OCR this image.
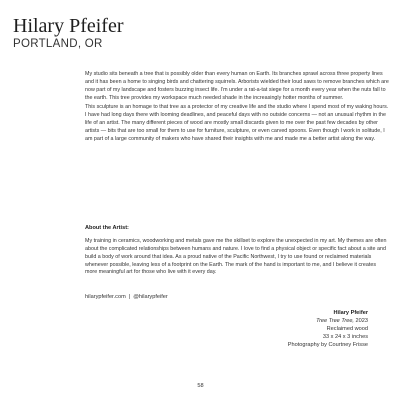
Hilary Pfeifer
PORTLAND, OR

My studio sits beneath a tree that is possibly older than every human on Earth. Its branches sprawl across three property lines and it has been a home to singing birds and chattering squirrels. Arborists wielded their loud saws to remove branches which are now part of my landscape and fosters buzzing insect life. I’m under a rat-a-tat siege for a month every year when the nuts fall to the earth. This tree provides my workspace much needed shade in the increasingly hotter months of summer.

This sculpture is an homage to that tree as a protector of my creative life and the studio where I spend most of my waking hours. I have had long days there with looming deadlines, and peaceful days with no outside concerns — not an unusual rhythm in the life of an artist. The many different pieces of wood are mostly small discards given to me over the past few decades by other artists — bits that are too small for them to use for furniture, sculpture, or even carved spoons. Even though I work in solitude, I am part of a large community of makers who have shared their insights with me and made me a better artist along the way.

About the Artist:

My training in ceramics, woodworking and metals gave me the skillset to explore the unexpected in my art. My themes are often about the complicated relationships between humans and nature. I love to find a physical object or specific fact about a site and build a body of work around that idea. As a proud native of the Pacific Northwest, I try to use found or reclaimed materials whenever possible, leaving less of a footprint on the Earth. The mark of the hand is important to me, and I believe it creates more meaningful art for those who live with it every day.

hilarypfeifer.com | @hilarypfeifer
Hilary Pfeifer
Tree Tree Tree, 2023
Reclaimed wood
33 x 24 x 3 inches
Photography by Courtney Frisse
58
